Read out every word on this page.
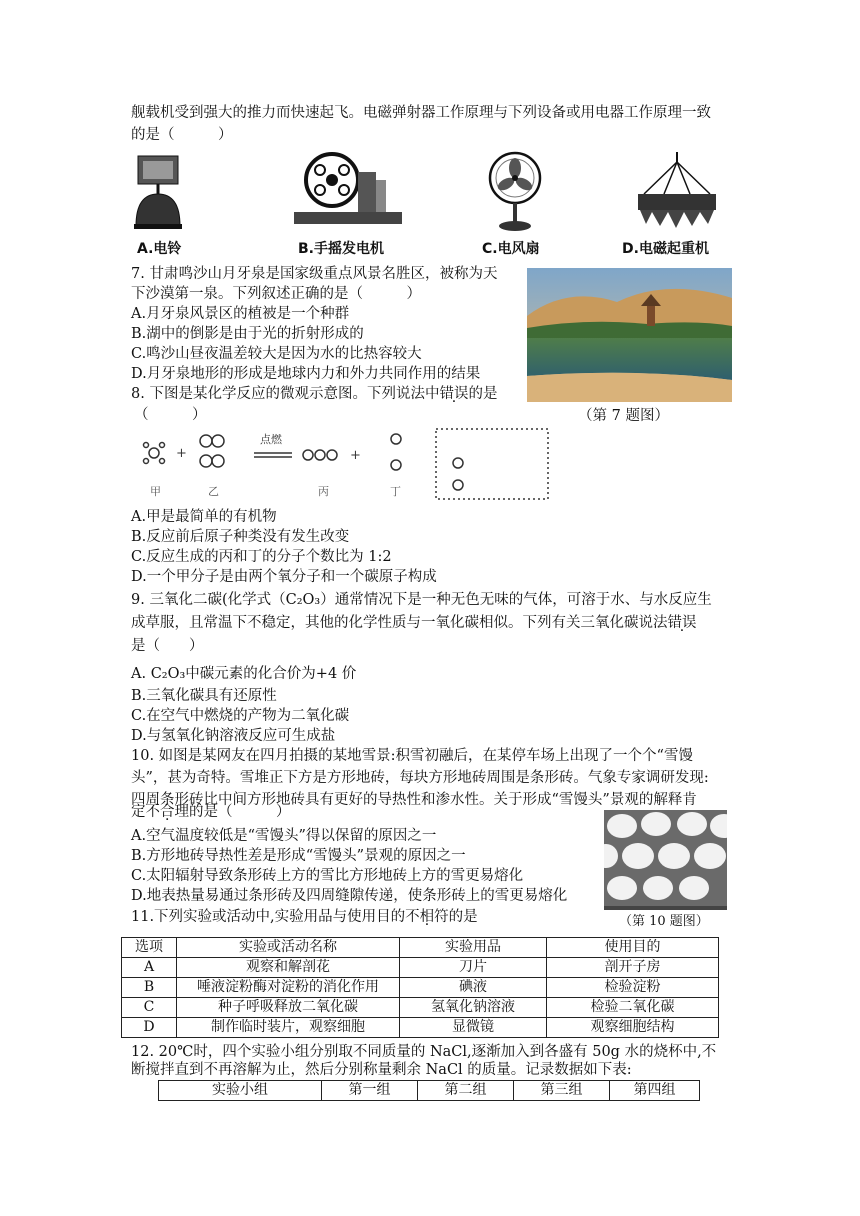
舰载机受到强大的推力而快速起飞。电磁弹射器工作原理与下列设备或用电器工作原理一致
的是（　　　）
A.电铃	B.手摇发电机	C.电风扇	D.电磁起重机
7. 甘肃鸣沙山月牙泉是国家级重点风景名胜区，被称为天
下沙漠第一泉。下列叙述正确的是（　　　）
A.月牙泉风景区的植被是一个种群
B.湖中的倒影是由于光的折射形成的
C.鸣沙山昼夜温差较大是因为水的比热容较大
D.月牙泉地形的形成是地球内力和外力共同作用的结果
（第 7 题图）
8. 下图是某化学反应的微观示意图。下列说法中错误的是
（　　　）
+	+
点燃
甲	乙	丙	丁
A.甲是最简单的有机物
B.反应前后原子种类没有发生改变
C.反应生成的丙和丁的分子个数比为 1:2
D.一个甲分子是由两个氧分子和一个碳原子构成
9. 三氧化二碳(化学式（C₂O₃）通常情况下是一种无色无味的气体，可溶于水、与水反应生
成草服，且常温下不稳定，其他的化学性质与一氧化碳相似。下列有关三氧化碳说法错误
是（　　）
A. C₂O₃中碳元素的化合价为+4 价
B.三氧化碳具有还原性
C.在空气中燃烧的产物为二氧化碳
D.与氢氧化钠溶液反应可生成盐
10. 如图是某网友在四月拍摄的某地雪景:积雪初融后，在某停车场上出现了一个个“雪馒
头”，甚为奇特。雪堆正下方是方形地砖，每块方形地砖周围是条形砖。气象专家调研发现:
四周条形砖比中间方形地砖具有更好的导热性和渗水性。关于形成“雪馒头”景观的解释肯
定不合理的是（　　　）
A.空气温度较低是“雪馒头”得以保留的原因之一
B.方形地砖导热性差是形成“雪馒头”景观的原因之一
C.太阳辐射导致条形砖上方的雪比方形地砖上方的雪更易熔化
D.地表热量易通过条形砖及四周缝隙传递，使条形砖上的雪更易熔化
（第 10 题图）
11.下列实验或活动中,实验用品与使用目的不相符的是
选项	实验或活动名称	实验用品	使用目的
A	观察和解剖花	刀片	剖开子房
B	唾液淀粉酶对淀粉的消化作用	碘液	检验淀粉
C	种子呼吸释放二氧化碳	氢氧化钠溶液	检验二氧化碳
D	制作临时装片，观察细胞	显微镜	观察细胞结构
12. 20℃时，四个实验小组分别取不同质量的 NaCl,逐渐加入到各盛有 50g 水的烧杯中,不
断搅拌直到不再溶解为止，然后分别称量剩余 NaCl 的质量。记录数据如下表:
实验小组	第一组	第二组	第三组	第四组
